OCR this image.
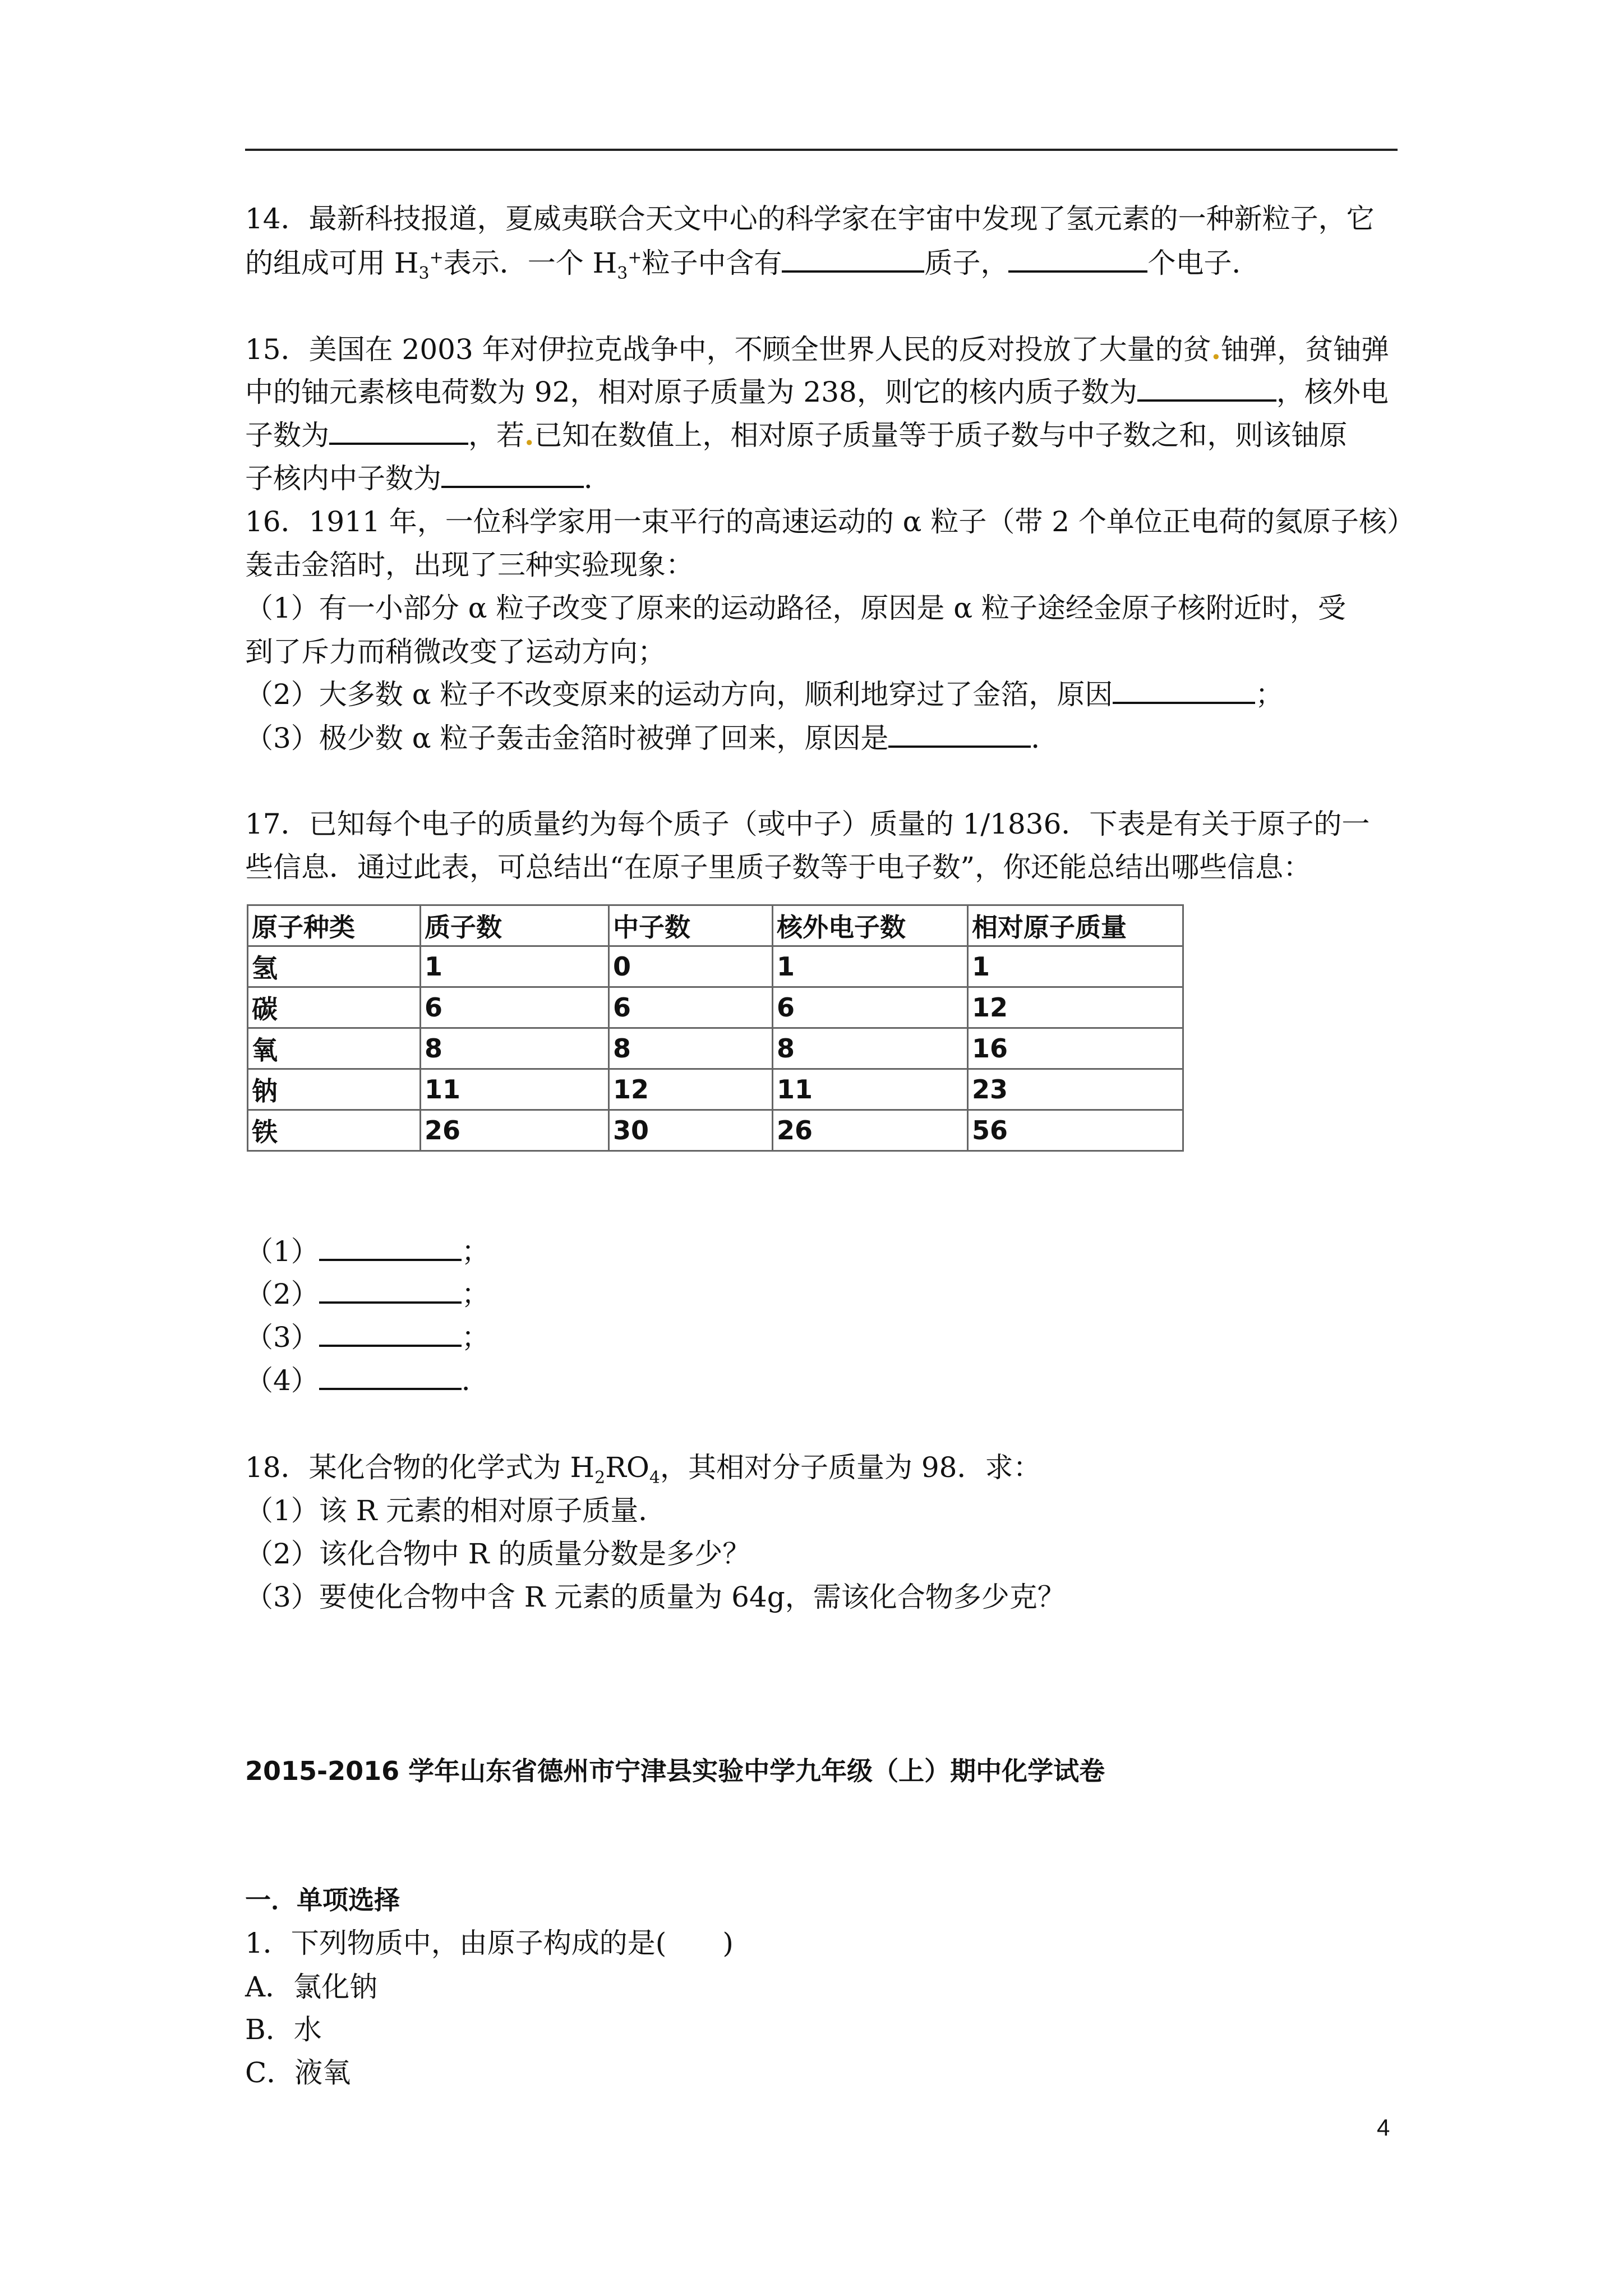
14．最新科技报道，夏威夷联合天文中心的科学家在宇宙中发现了氢元素的一种新粒子，它
的组成可用 $H_3^+$表示．一个 $H_3^+$粒子中含有	质子，	个电子．
15．美国在 2003 年对伊拉克战争中，不顾全世界人民的反对投放了大量的贫.铀弹，贫铀弹
中的铀元素核电荷数为 92，相对原子质量为 238，则它的核内质子数为	，核外电
子数为	，若.已知在数值上，相对原子质量等于质子数与中子数之和，则该铀原
子核内中子数为	．
16．1911 年，一位科学家用一束平行的高速运动的 α 粒子（带 2 个单位正电荷的氦原子核）
轰击金箔时，出现了三种实验现象：
（1）有一小部分 α 粒子改变了原来的运动路径，原因是 α 粒子途经金原子核附近时，受
到了斥力而稍微改变了运动方向；
（2）大多数 α 粒子不改变原来的运动方向，顺利地穿过了金箔，原因	；
（3）极少数 α 粒子轰击金箔时被弹了回来，原因是	．
17．已知每个电子的质量约为每个质子（或中子）质量的 1/1836．下表是有关于原子的一
些信息．通过此表，可总结出“在原子里质子数等于电子数”，你还能总结出哪些信息：
原子种类	质子数	中子数	核外电子数	相对原子质量
氢	1	0	1	1
碳	6	6	6	12
氧	8	8	8	16
钠	11	12	11	23
铁	26	30	26	56
（1）	；
（2）	；
（3）	；
（4）	．
18．某化合物的化学式为 $H_2RO_4$，其相对分子质量为 98．求：
（1）该 R 元素的相对原子质量．
（2）该化合物中 R 的质量分数是多少？
（3）要使化合物中含 R 元素的质量为 64g，需该化合物多少克？
2015-2016 学年山东省德州市宁津县实验中学九年级（上）期中化学试卷
一．单项选择
1．下列物质中，由原子构成的是(　　)
A．氯化钠
B．水
C．液氧
4
